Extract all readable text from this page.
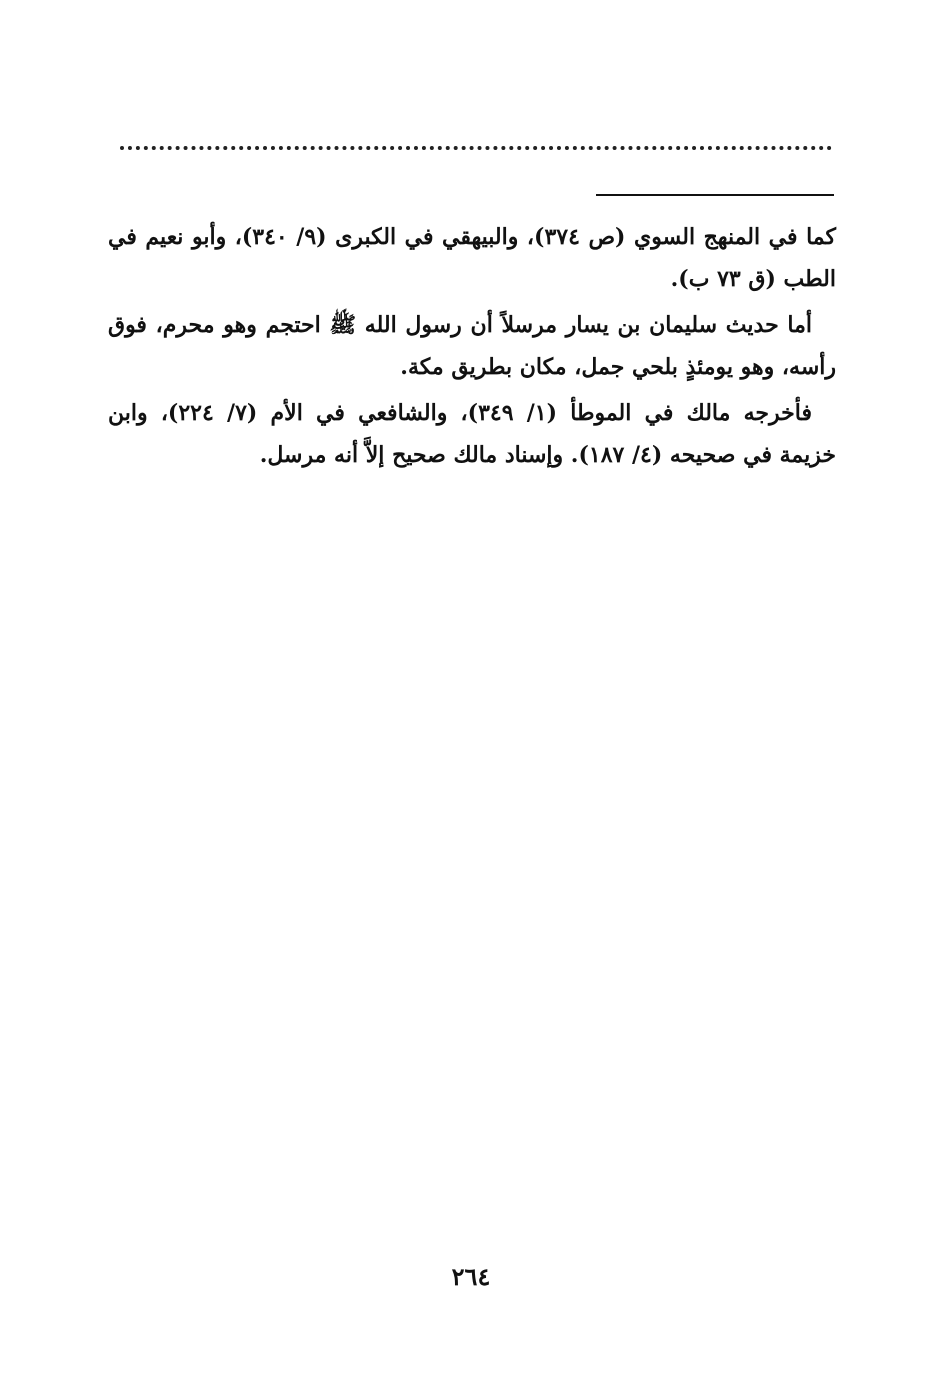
كما في المنهج السوي (ص ٣٧٤)، والبيهقي في الكبرى (٩/ ٣٤٠)، وأبو نعيم في الطب (ق ٧٣ ب).

أما حديث سليمان بن يسار مرسلاً أن رسول الله ﷺ احتجم وهو محرم، فوق رأسه، وهو يومئذٍ بلحي جمل، مكان بطريق مكة.

فأخرجه مالك في الموطأ (١/ ٣٤٩)، والشافعي في الأم (٧/ ٢٢٤)، وابن خزيمة في صحيحه (٤/ ١٨٧). وإسناد مالك صحيح إلاَّ أنه مرسل.

٢٦٤
